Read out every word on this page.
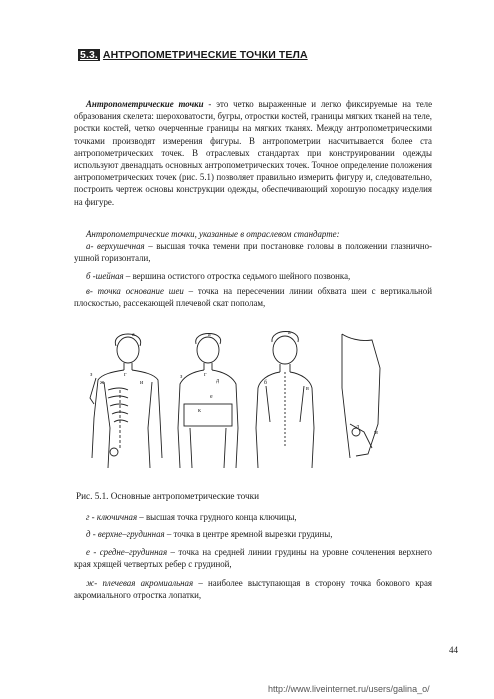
5.3. АНТРОПОМЕТРИЧЕСКИЕ ТОЧКИ ТЕЛА
Антропометрические точки - это четко выраженные и легко фиксируемые на теле образования скелета: шероховатости, бугры, отростки костей, границы мягких тканей на теле, ростки костей, четко очерченные границы на мягких тканях. Между антропометрическими точками производят измерения фигуры. В антропометрии насчитывается более ста антропометрических точек. В отраслевых стандартах при конструировании одежды используют двенадцать основных антропометрических точек. Точное определение положения антропометрических точек (рис. 5.1) позволяет правильно измерить фигуру и, следовательно, построить чертеж основы конструкции одежды, обеспечивающий хорошую посадку изделия на фигуре.
Антропометрические точки, указанные в отраслевом стандарте:
а- верхушечная – высшая точка темени при постановке головы в положении глазнично-ушной горизонтали,
б -шейная – вершина остистого отростка седьмого шейного позвонка,
в- точка основание шеи – точка на пересечении линии обхвата шеи с вертикальной плоскостью, рассекающей плечевой скат пополам,
а	а	а
г	г
д
е
з	з
б
к
л
м
ж	и
в
Рис. 5.1. Основные антропометрические точки
г - ключичная – высшая точка грудного конца ключицы,
д - верхне–грудинная – точка в центре яремной вырезки грудины,
е - средне–грудинная – точка на средней линии грудины на уровне сочленения верхнего края хрящей четвертых ребер с грудиной,
ж- плечевая акромиальная – наиболее выступающая в сторону точка бокового края акромиального отростка лопатки,
44
http://www.liveinternet.ru/users/galina_o/
